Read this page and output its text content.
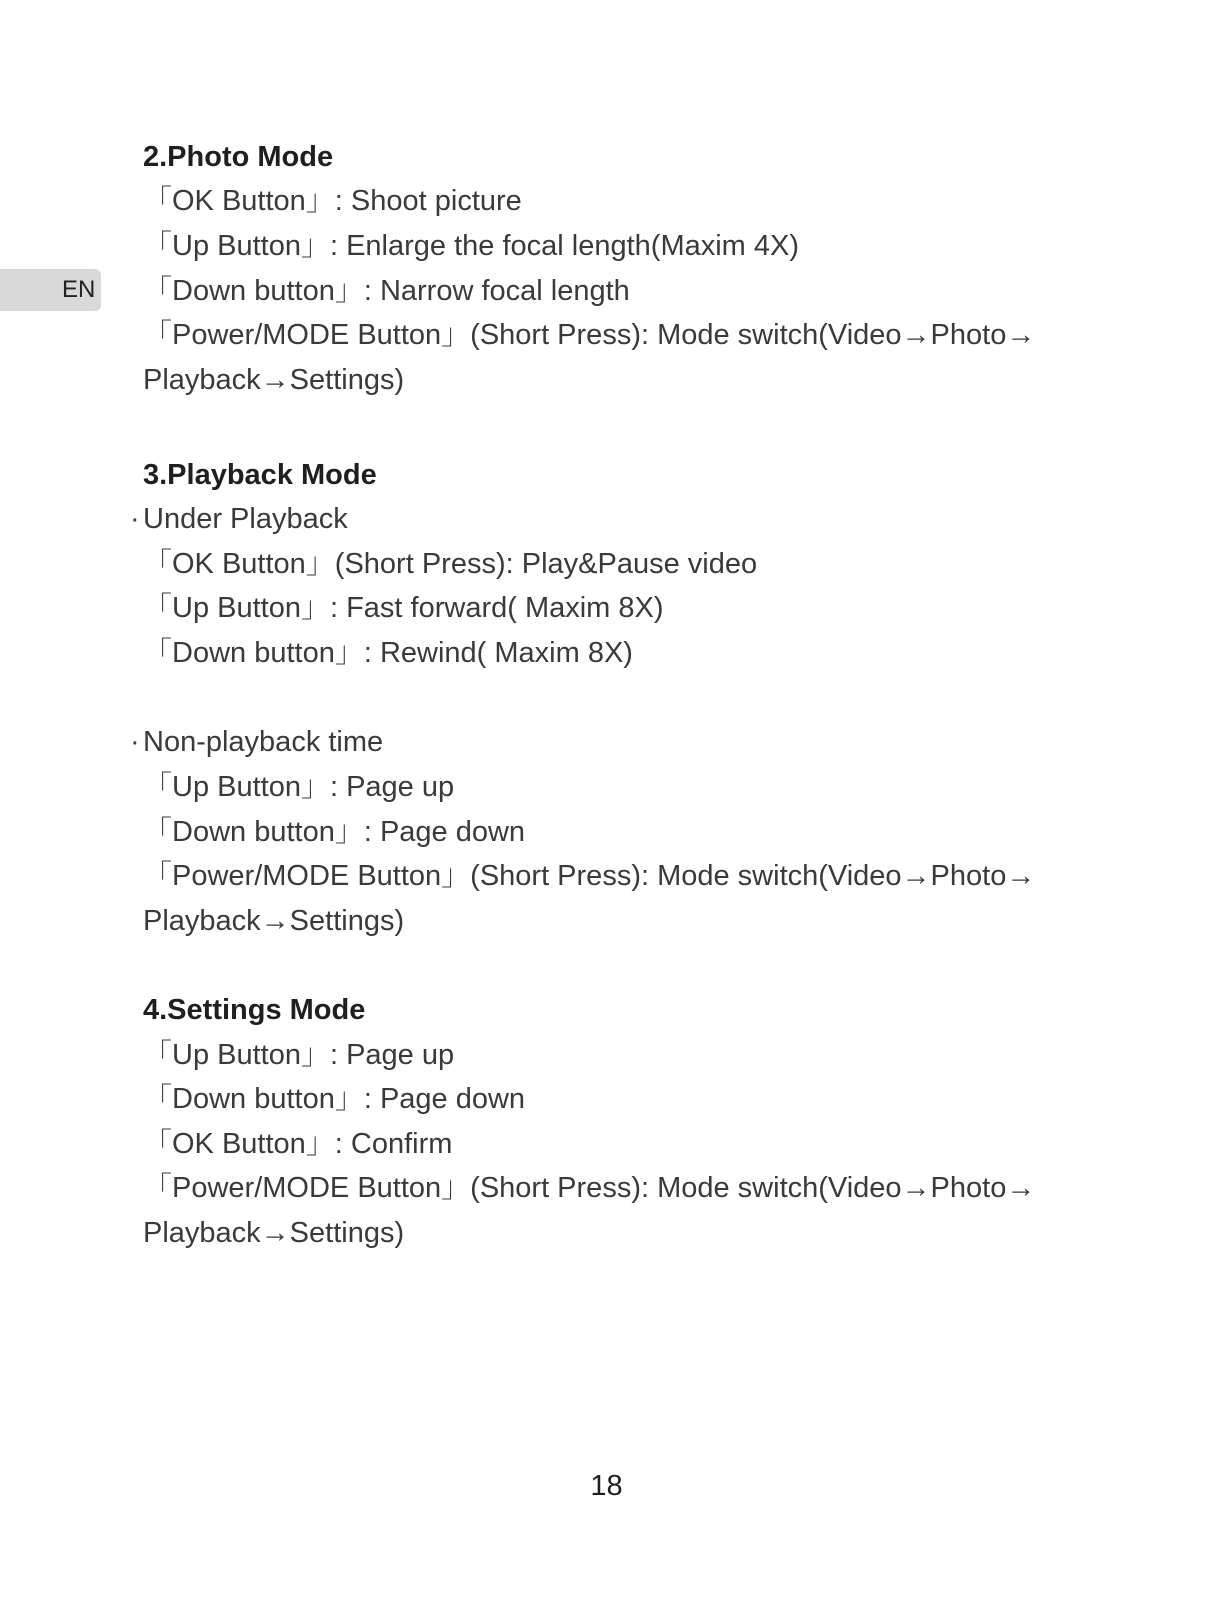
EN
2.Photo Mode
「OK Button」: Shoot picture
「Up Button」: Enlarge the focal length(Maxim 4X)
「Down button」: Narrow focal length
「Power/MODE Button」(Short Press): Mode switch(Video→Photo→
Playback→Settings)
3.Playback Mode
· Under Playback
「OK Button」(Short Press): Play&Pause video
「Up Button」: Fast forward( Maxim 8X)
「Down button」: Rewind( Maxim 8X)
· Non-playback time
「Up Button」: Page up
「Down button」: Page down
「Power/MODE Button」(Short Press): Mode switch(Video→Photo→
Playback→Settings)
4.Settings Mode
「Up Button」: Page up
「Down button」: Page down
「OK Button」: Confirm
「Power/MODE Button」(Short Press): Mode switch(Video→Photo→
Playback→Settings)
18
